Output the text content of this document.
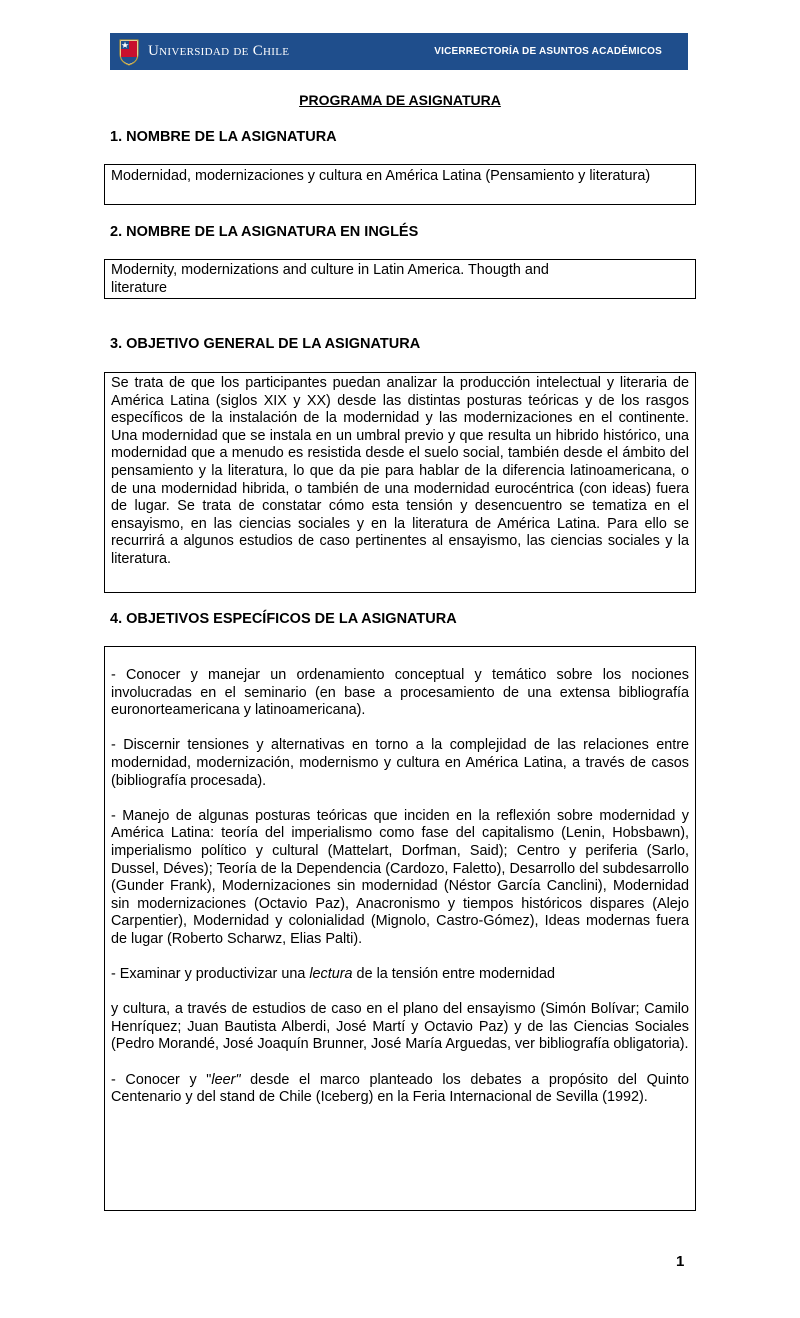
Universidad de Chile	VICERRECTORÍA DE ASUNTOS ACADÉMICOS
PROGRAMA DE ASIGNATURA
1. NOMBRE DE LA ASIGNATURA
Modernidad, modernizaciones y cultura en América Latina (Pensamiento y literatura)
2. NOMBRE DE LA ASIGNATURA EN INGLÉS
Modernity, modernizations and culture in Latin America. Thougth and
literature
3. OBJETIVO GENERAL DE LA ASIGNATURA
Se trata de que los participantes puedan analizar la producción intelectual y literaria de América Latina (siglos XIX y XX) desde las distintas posturas teóricas y de los rasgos específicos de la instalación de la modernidad y las modernizaciones en el continente. Una modernidad que se instala en un umbral previo y que resulta un hibrido histórico, una modernidad que a menudo es resistida desde el suelo social, también desde el ámbito del pensamiento y la literatura, lo que da pie para hablar de la diferencia latinoamericana, o de una modernidad hibrida, o también de una modernidad eurocéntrica (con ideas) fuera de lugar. Se trata de constatar cómo esta tensión y desencuentro se tematiza en el ensayismo, en las ciencias sociales y en la literatura de América Latina. Para ello se recurrirá a algunos estudios de caso pertinentes al ensayismo, las ciencias sociales y la literatura.
4. OBJETIVOS ESPECÍFICOS DE LA ASIGNATURA

- Conocer y manejar un ordenamiento conceptual y temático sobre los nociones involucradas en el seminario (en base a procesamiento de una extensa bibliografía euronorteamericana y latinoamericana).

- Discernir tensiones y alternativas en torno a la complejidad de las relaciones entre modernidad, modernización, modernismo y cultura en América Latina, a través de casos (bibliografía procesada).

- Manejo de algunas posturas teóricas que inciden en la reflexión sobre modernidad y América Latina: teoría del imperialismo como fase del capitalismo (Lenin, Hobsbawn), imperialismo político y cultural (Mattelart, Dorfman, Said); Centro y periferia (Sarlo, Dussel, Déves); Teoría de la Dependencia (Cardozo, Faletto), Desarrollo del subdesarrollo (Gunder Frank), Modernizaciones sin modernidad (Néstor García Canclini), Modernidad sin modernizaciones (Octavio Paz), Anacronismo y tiempos históricos dispares (Alejo Carpentier), Modernidad y colonialidad (Mignolo, Castro-Gómez), Ideas modernas fuera de lugar (Roberto Scharwz, Elias Palti).

- Examinar y productivizar una lectura de la tensión entre modernidad

y cultura, a través de estudios de caso en el plano del ensayismo (Simón Bolívar; Camilo Henríquez; Juan Bautista Alberdi, José Martí y Octavio Paz) y de las Ciencias Sociales (Pedro Morandé, José Joaquín Brunner, José María Arguedas, ver bibliografía obligatoria).

- Conocer y "leer" desde el marco planteado los debates a propósito del Quinto Centenario y del stand de Chile (Iceberg) en la Feria Internacional de Sevilla (1992).

1
